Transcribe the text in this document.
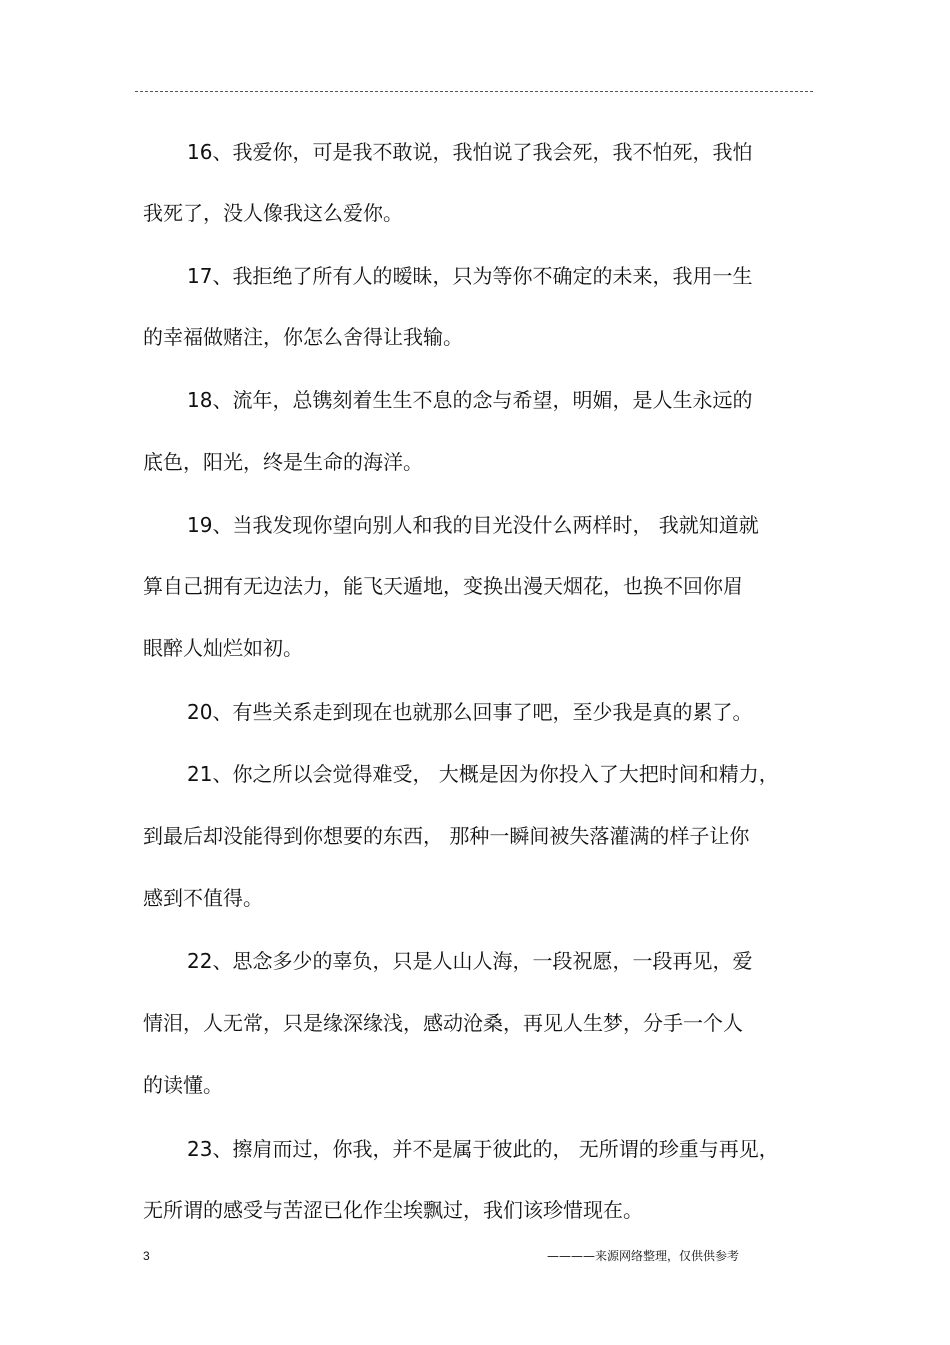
16、我爱你，可是我不敢说，我怕说了我会死，我不怕死，我怕
我死了，没人像我这么爱你。
17、我拒绝了所有人的暧昧，只为等你不确定的未来，我用一生
的幸福做赌注，你怎么舍得让我输。
18、流年，总镌刻着生生不息的念与希望，明媚，是人生永远的
底色，阳光，终是生命的海洋。
19、当我发现你望向别人和我的目光没什么两样时， 我就知道就
算自己拥有无边法力，能飞天遁地，变换出漫天烟花，也换不回你眉
眼醉人灿烂如初。
20、有些关系走到现在也就那么回事了吧，至少我是真的累了。
21、你之所以会觉得难受， 大概是因为你投入了大把时间和精力，
到最后却没能得到你想要的东西， 那种一瞬间被失落灌满的样子让你
感到不值得。
22、思念多少的辜负，只是人山人海，一段祝愿，一段再见，爱
情泪，人无常，只是缘深缘浅，感动沧桑，再见人生梦，分手一个人
的读懂。
23、擦肩而过，你我，并不是属于彼此的， 无所谓的珍重与再见，
无所谓的感受与苦涩已化作尘埃飘过，我们该珍惜现在。
3	————来源网络整理，仅供供参考
